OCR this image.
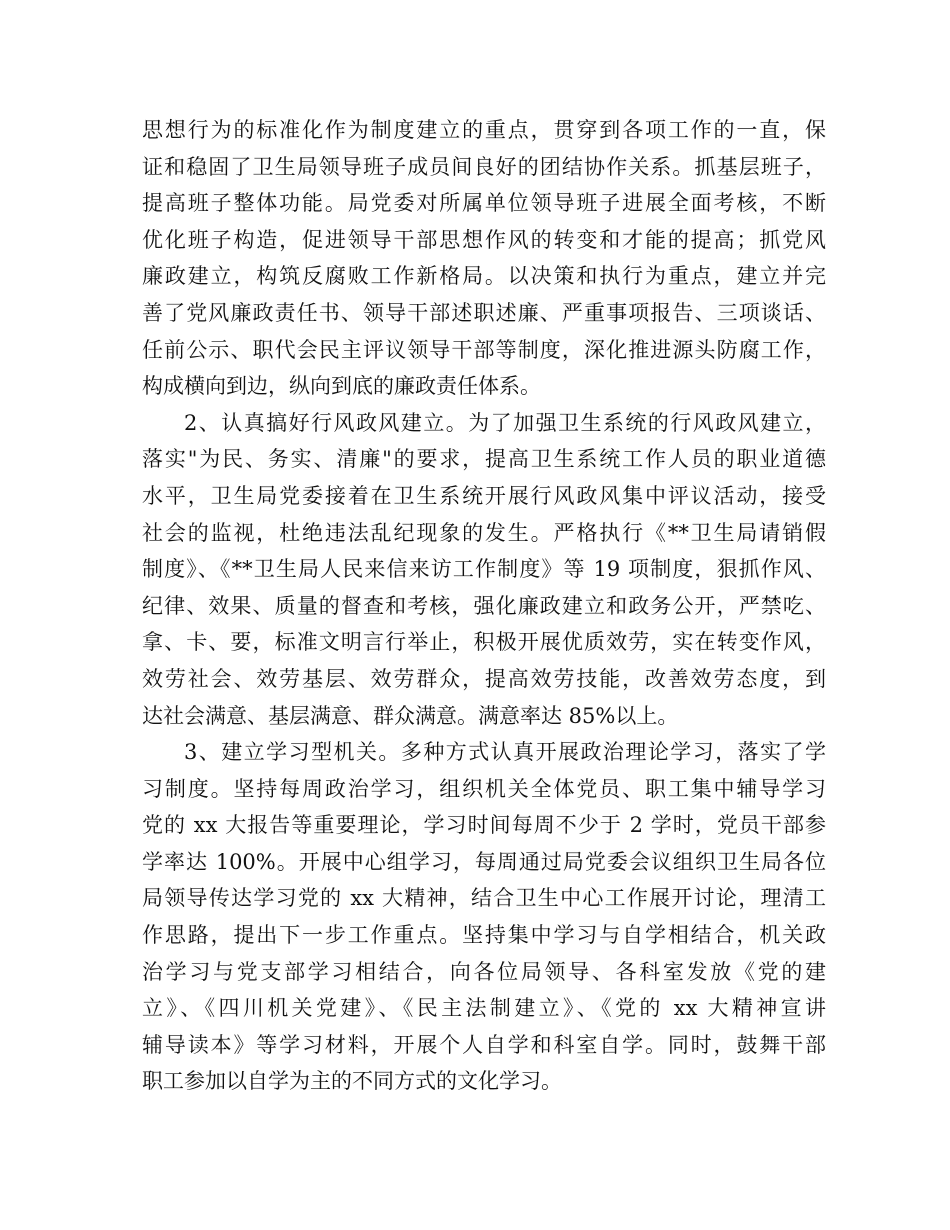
思想行为的标准化作为制度建立的重点，贯穿到各项工作的一直，保
证和稳固了卫生局领导班子成员间良好的团结协作关系。抓基层班子，
提高班子整体功能。局党委对所属单位领导班子进展全面考核，不断
优化班子构造，促进领导干部思想作风的转变和才能的提高；抓党风
廉政建立，构筑反腐败工作新格局。以决策和执行为重点，建立并完
善了党风廉政责任书、领导干部述职述廉、严重事项报告、三项谈话、
任前公示、职代会民主评议领导干部等制度，深化推进源头防腐工作，
构成横向到边，纵向到底的廉政责任体系。
2、认真搞好行风政风建立。为了加强卫生系统的行风政风建立，
落实"为民、务实、清廉"的要求，提高卫生系统工作人员的职业道德
水平，卫生局党委接着在卫生系统开展行风政风集中评议活动，接受
社会的监视，杜绝违法乱纪现象的发生。严格执行《**卫生局请销假
制度》、《**卫生局人民来信来访工作制度》等 19 项制度，狠抓作风、
纪律、效果、质量的督查和考核，强化廉政建立和政务公开，严禁吃、
拿、卡、要，标准文明言行举止，积极开展优质效劳，实在转变作风，
效劳社会、效劳基层、效劳群众，提高效劳技能，改善效劳态度，到
达社会满意、基层满意、群众满意。满意率达 85%以上。
3、建立学习型机关。多种方式认真开展政治理论学习，落实了学
习制度。坚持每周政治学习，组织机关全体党员、职工集中辅导学习
党的 xx 大报告等重要理论，学习时间每周不少于 2 学时，党员干部参
学率达 100%。开展中心组学习，每周通过局党委会议组织卫生局各位
局领导传达学习党的 xx 大精神，结合卫生中心工作展开讨论，理清工
作思路，提出下一步工作重点。坚持集中学习与自学相结合，机关政
治学习与党支部学习相结合，向各位局领导、各科室发放《党的建
立》、《四川机关党建》、《民主法制建立》、《党的 xx 大精神宣讲
辅导读本》等学习材料，开展个人自学和科室自学。同时，鼓舞干部
职工参加以自学为主的不同方式的文化学习。
